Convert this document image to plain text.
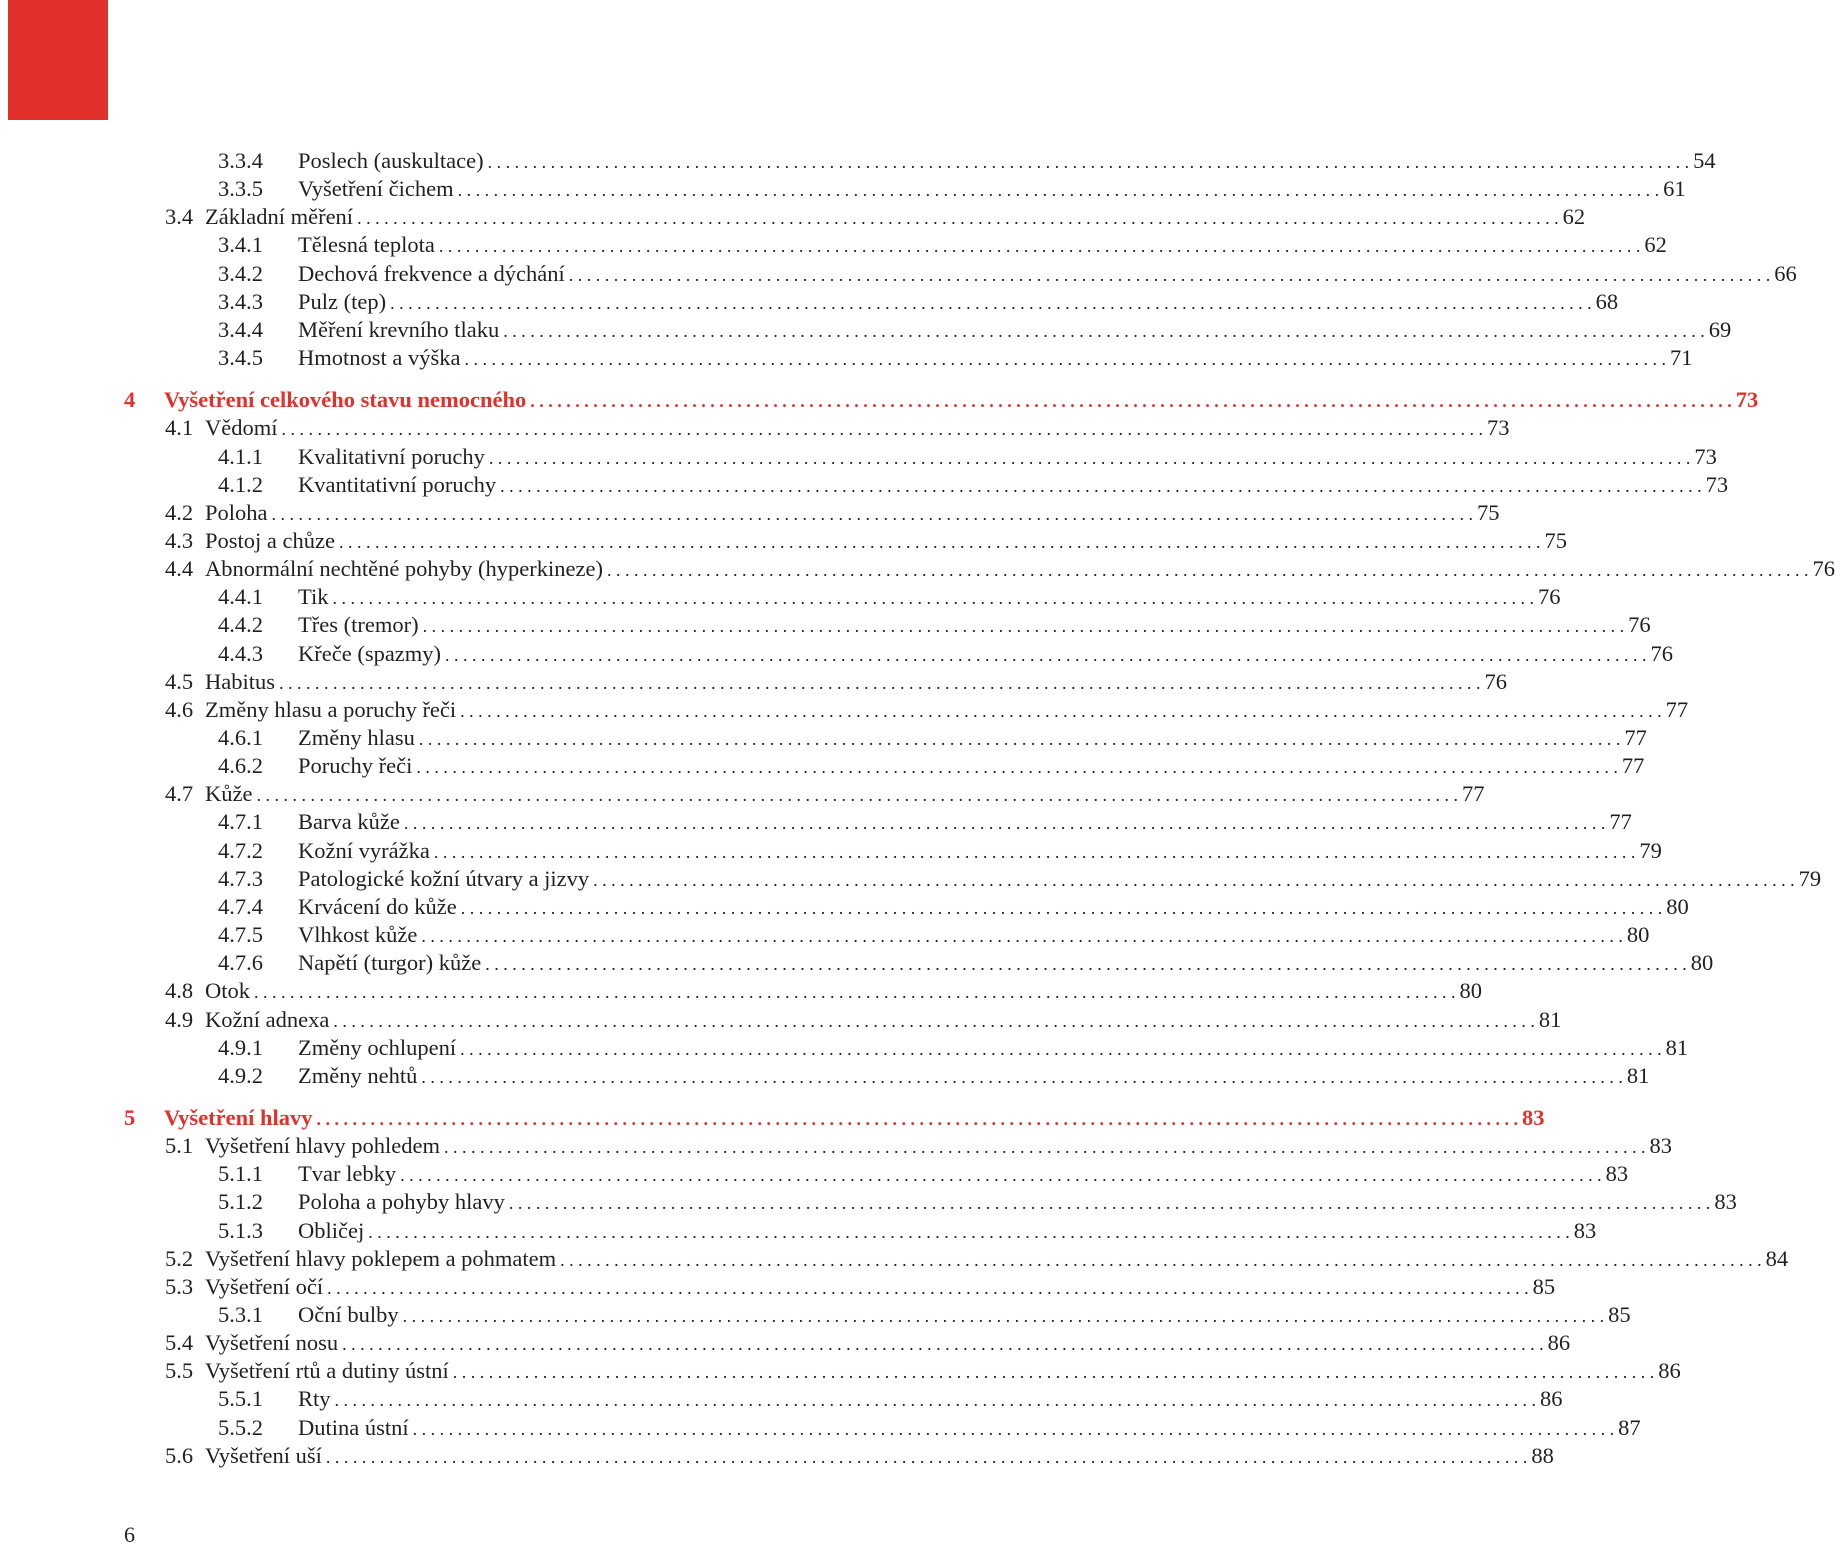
3.3.4	Poslech (auskultace) . . .	54
3.3.5	Vyšetření čichem . . .	61
3.4 Základní měření . . .	62
3.4.1	Tělesná teplota . . .	62
3.4.2	Dechová frekvence a dýchání . . .	66
3.4.3	Pulz (tep) . . .	68
3.4.4	Měření krevního tlaku . . .	69
3.4.5	Hmotnost a výška . . .	71
4	Vyšetření celkového stavu nemocného . . .	73
4.1 Vědomí . . .	73
4.1.1	Kvalitativní poruchy . . .	73
4.1.2	Kvantitativní poruchy . . .	73
4.2 Poloha . . .	75
4.3 Postoj a chůze . . .	75
4.4 Abnormální nechtěné pohyby (hyperkineze) . . .	76
4.4.1	Tik . . .	76
4.4.2	Třes (tremor) . . .	76
4.4.3	Křeče (spazmy) . . .	76
4.5 Habitus . . .	76
4.6 Změny hlasu a poruchy řeči . . .	77
4.6.1	Změny hlasu . . .	77
4.6.2	Poruchy řeči . . .	77
4.7 Kůže . . .	77
4.7.1	Barva kůže . . .	77
4.7.2	Kožní vyrážka . . .	79
4.7.3	Patologické kožní útvary a jizvy . . .	79
4.7.4	Krvácení do kůže . . .	80
4.7.5	Vlhkost kůže . . .	80
4.7.6	Napětí (turgor) kůže . . .	80
4.8 Otok . . .	80
4.9 Kožní adnexa . . .	81
4.9.1	Změny ochlupení . . .	81
4.9.2	Změny nehtů . . .	81
5	Vyšetření hlavy . . .	83
5.1 Vyšetření hlavy pohledem . . .	83
5.1.1	Tvar lebky . . .	83
5.1.2	Poloha a pohyby hlavy . . .	83
5.1.3	Obličej . . .	83
5.2 Vyšetření hlavy poklepem a pohmatem . . .	84
5.3 Vyšetření očí . . .	85
5.3.1	Oční bulby . . .	85
5.4 Vyšetření nosu . . .	86
5.5 Vyšetření rtů a dutiny ústní . . .	86
5.5.1	Rty . . .	86
5.5.2	Dutina ústní . . .	87
5.6 Vyšetření uší . . .	88
6
